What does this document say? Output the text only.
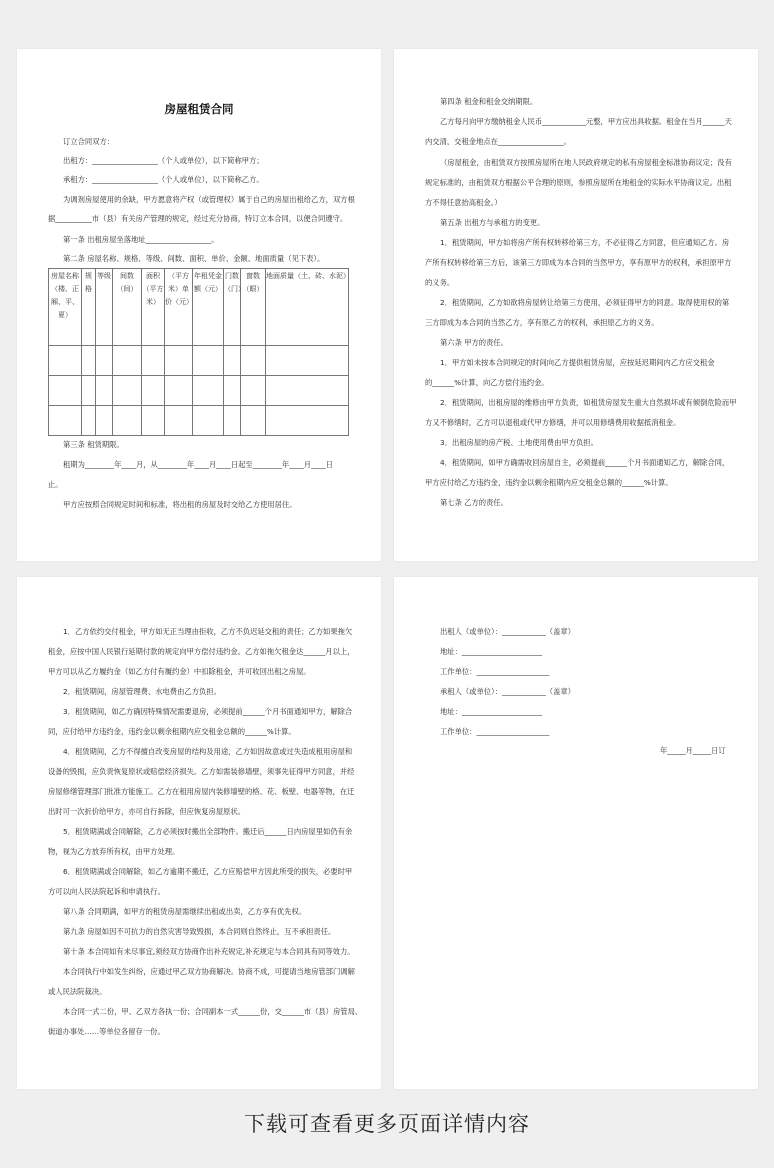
房屋租赁合同
订立合同双方：
出租方：__________________（个人或单位），以下简称甲方；
承租方：__________________（个人或单位），以下简称乙方。
为调剂房屋使用的余缺，甲方愿意将产权（或管理权）属于自己的房屋出租给乙方，双方根
据__________市（县）有关房产管理的规定，经过充分协商，特订立本合同，以便合同遵守。
第一条 出租房屋坐落地址__________________。
第二条 房屋名称、规格、等级、间数、面积、单价、金额、地面质量（见下表）。
房屋名称（楼、正厢、平、夏）	规格	等级	间数（间）	面积（平方米）	（平方米）单价（元）	年租凭金额（元）	门数（门）	窗数（眼）	地面质量（土、砖、水泥）

第三条 租赁期限。
租期为________年____月，从________年____月____日起至________年____月____日
止。
甲方应按照合同规定时间和标准，将出租的房屋及时交给乙方使用居住。
第四条 租金和租金交纳期限。
乙方每月向甲方缴纳租金人民币____________元整，甲方应出具收据。租金在当月______天
内交清，交租金地点在__________________。
（房屋租金，由租赁双方按照房屋所在地人民政府规定的私有房屋租金标准协商议定；没有
规定标准的，由租赁双方根据公平合理的原则，参照房屋所在地租金的实际水平协商议定。出租
方不得任意抬高租金。）
第五条 出租方与承租方的变更。
1．租赁期间，甲方如将房产所有权转移给第三方，不必征得乙方同意，但应通知乙方。房
产所有权转移给第三方后，该第三方即成为本合同的当然甲方，享有原甲方的权利，承担原甲方
的义务。
2．租赁期间，乙方如欲将房屋转让给第三方使用，必须征得甲方的同意。取得使用权的第
三方即成为本合同的当然乙方，享有原乙方的权利，承担原乙方的义务。
第六条 甲方的责任。
1．甲方如未按本合同规定的时间向乙方提供租赁房屋，应按延迟期间内乙方应交租金
的______%计算，向乙方偿付违约金。
2．租赁期间，出租房屋的维修由甲方负责，如租赁房屋发生重大自然损坏或有倾倒危险而甲
方又不修缮时，乙方可以退租或代甲方修缮，并可以用修缮费用收据抵消租金。
3．出租房屋的房产税、土地使用费由甲方负担。
4．租赁期间，如甲方确需收回房屋自主，必须提前______个月书面通知乙方，解除合同，
甲方应付给乙方违约金，违约金以剩余租期内应交租金总额的______%计算。
第七条 乙方的责任。
1．乙方依约交付租金，甲方如无正当理由拒收，乙方不负迟延交租的责任；乙方如果拖欠
租金，应按中国人民银行延期付款的规定向甲方偿付违约金。乙方如拖欠租金达______月以上，
甲方可以从乙方履约金（如乙方付有履约金）中扣除租金，并可收回出租之房屋。
2．租赁期间，房屋管理费、水电费由乙方负担。
3．租赁期间，如乙方确因特殊情况需要退房，必须提前______个月书面通知甲方，解除合
同，应付给甲方违约金，违约金以剩余租期内应交租金总额的______%计算。
4．租赁期间，乙方不得擅自改变房屋的结构及用途，乙方如因故意或过失造成租用房屋和
设备的毁损，应负责恢复原状或赔偿经济损失。乙方如需装修墙壁，须事先征得甲方同意，并经
房屋修缮管理部门批准方能施工。乙方在租用房屋内装修墙壁的格、花、板壁、电器等物，在迁
出时可一次折价给甲方，亦可自行拆除，但应恢复房屋原状。
5．租赁期满或合同解除，乙方必须按时搬出全部物件。搬迁后______日内房屋里如仍有余
物，视为乙方放弃所有权，由甲方处理。
6．租赁期满或合同解除，如乙方逾期不搬迁，乙方应赔偿甲方因此所受的损失，必要时甲
方可以向人民法院起诉和申请执行。
第八条 合同期满，如甲方的租赁房屋需继续出租或出卖，乙方享有优先权。
第九条 房屋如因不可抗力的自然灾害导致毁损，本合同则自然终止，互不承担责任。
第十条 本合同如有未尽事宜,须经双方协商作出补充规定,补充规定与本合同具有同等效力。
本合同执行中如发生纠纷，应通过甲乙双方协商解决。协商不成，可提请当地房管部门调解
或人民法院裁决。
本合同一式二份，甲、乙双方各执一份；合同副本一式______份，交______市（县）房管局、
街道办事处……等单位各留存一份。
出租人（或单位）：____________（盖章）
地址：______________________
工作单位：____________________
承租人（或单位）：____________（盖章）
地址：______________________
工作单位：____________________
年_____月_____日订
下载可查看更多页面详情内容
